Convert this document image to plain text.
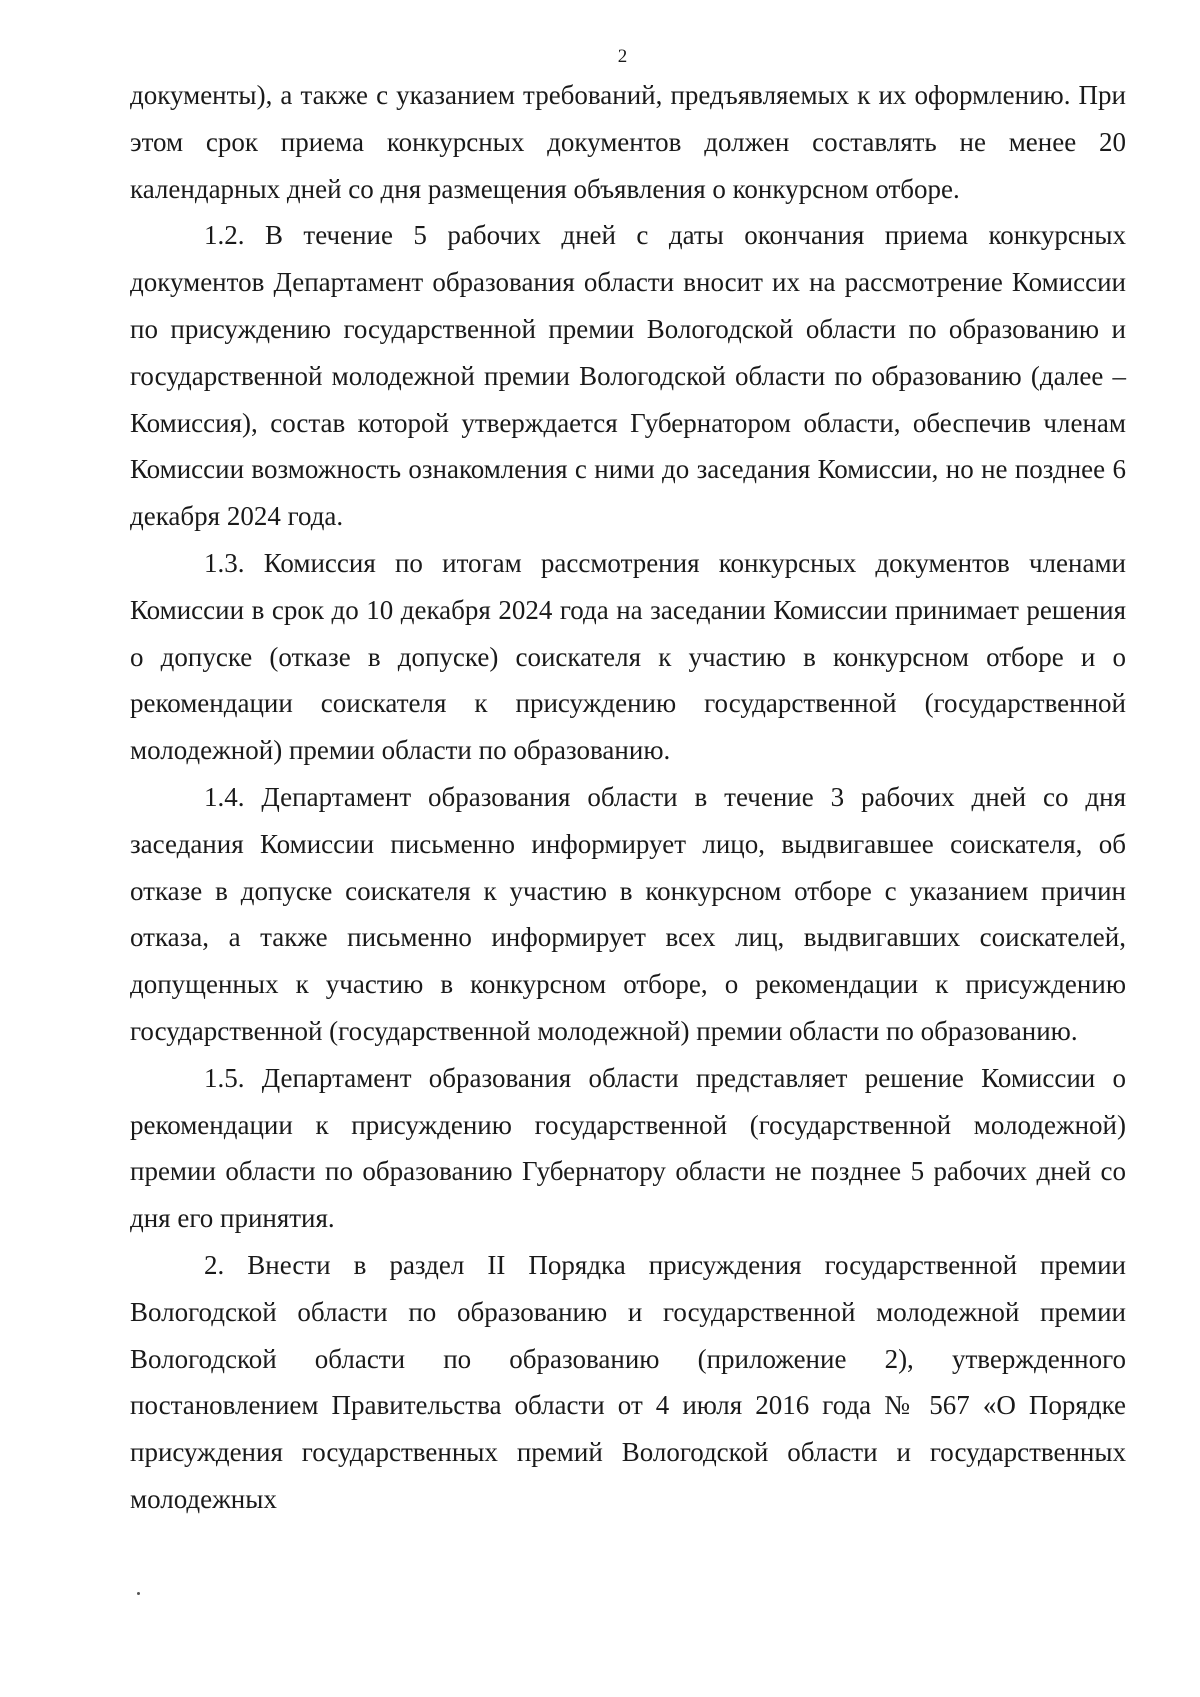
2

документы), а также с указанием требований, предъявляемых к их оформлению. При этом срок приема конкурсных документов должен составлять не менее 20 календарных дней со дня размещения объявления о конкурсном отборе.

1.2. В течение 5 рабочих дней с даты окончания приема конкурсных документов Департамент образования области вносит их на рассмотрение Комиссии по присуждению государственной премии Вологодской области по образованию и государственной молодежной премии Вологодской области по образованию (далее – Комиссия), состав которой утверждается Губернатором области, обеспечив членам Комиссии возможность ознакомления с ними до заседания Комиссии, но не позднее 6 декабря 2024 года.

1.3. Комиссия по итогам рассмотрения конкурсных документов членами Комиссии в срок до 10 декабря 2024 года на заседании Комиссии принимает решения о допуске (отказе в допуске) соискателя к участию в конкурсном отборе и о рекомендации соискателя к присуждению государственной (государственной молодежной) премии области по образованию.

1.4. Департамент образования области в течение 3 рабочих дней со дня заседания Комиссии письменно информирует лицо, выдвигавшее соискателя, об отказе в допуске соискателя к участию в конкурсном отборе с указанием причин отказа, а также письменно информирует всех лиц, выдвигавших соискателей, допущенных к участию в конкурсном отборе, о рекомендации к присуждению государственной (государственной молодежной) премии области по образованию.

1.5. Департамент образования области представляет решение Комиссии о рекомендации к присуждению государственной (государственной молодежной) премии области по образованию Губернатору области не позднее 5 рабочих дней со дня его принятия.

2. Внести в раздел II Порядка присуждения государственной премии Вологодской области по образованию и государственной молодежной премии Вологодской области по образованию (приложение 2), утвержденного постановлением Правительства области от 4 июля 2016 года № 567 «О Порядке присуждения государственных премий Вологодской области и государственных молодежных
